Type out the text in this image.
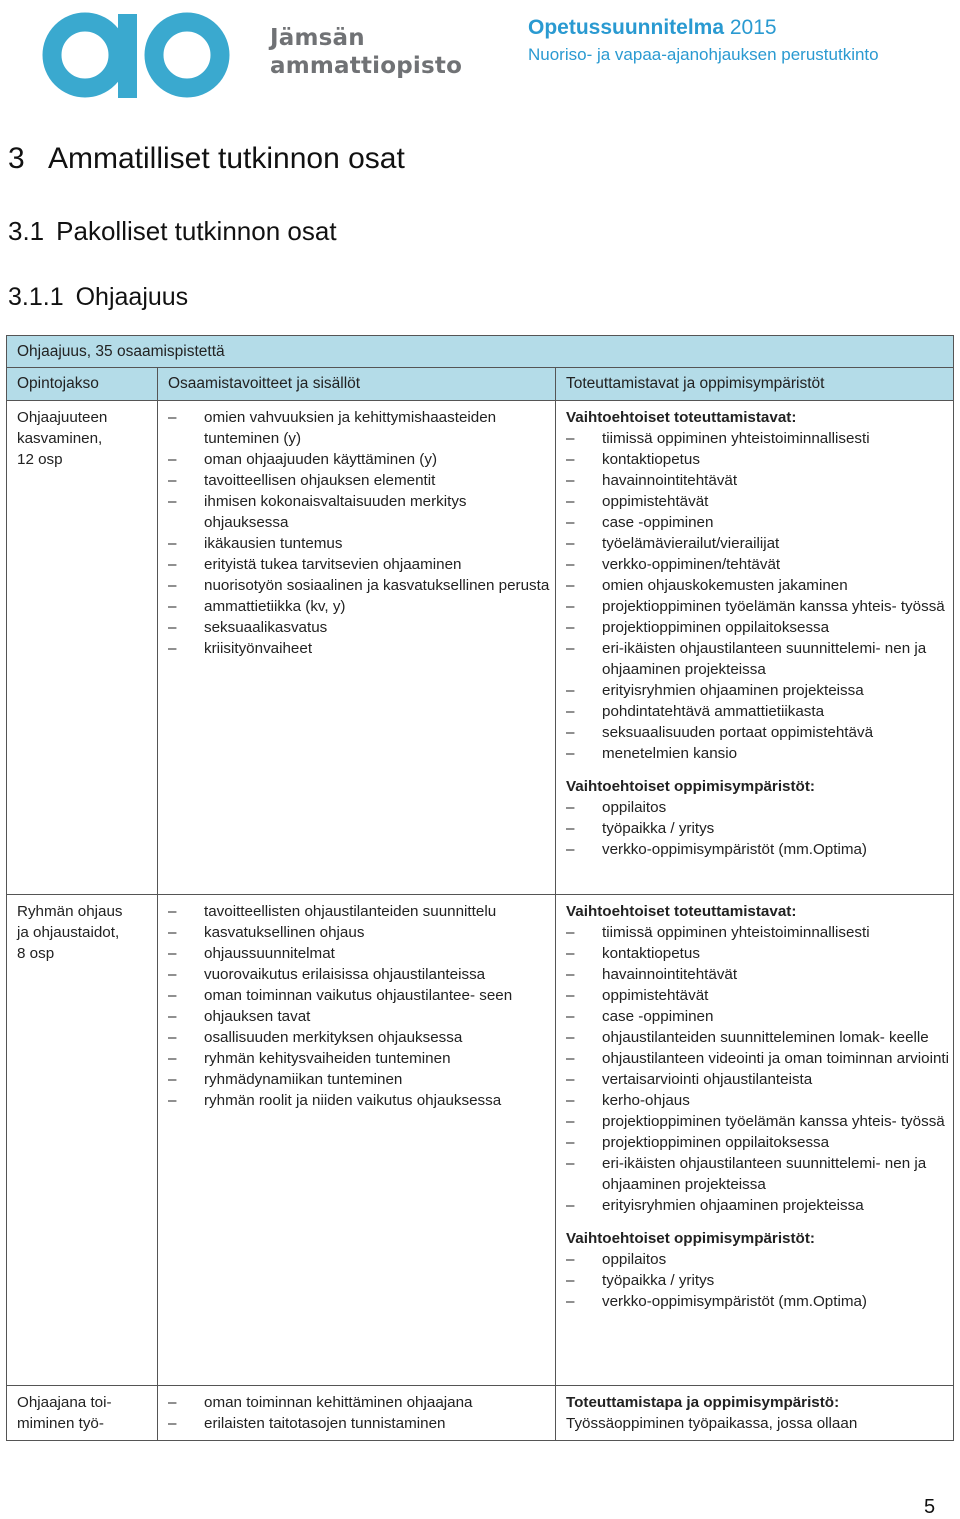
Jämsän
ammattiopisto
Opetussuunnitelma 2015
Nuoriso- ja vapaa-ajanohjauksen perustutkinto
3 Ammatilliset tutkinnon osat
3.1 Pakolliset tutkinnon osat
3.1.1 Ohjaajuus
Ohjaajuus, 35 osaamispistettä
Opintojakso	Osaamistavoitteet ja sisällöt	Toteuttamistavat ja oppimisympäristöt
Ohjaajuuteen
kasvaminen,
12 osp
– omien vahvuuksien ja kehittymishaasteiden tunteminen (y)
– oman ohjaajuuden käyttäminen (y)
– tavoitteellisen ohjauksen elementit
– ihmisen kokonaisvaltaisuuden merkitys ohjauksessa
– ikäkausien tuntemus
– erityistä tukea tarvitsevien ohjaaminen
– nuorisotyön sosiaalinen ja kasvatuksellinen perusta
– ammattietiikka (kv, y)
– seksuaalikasvatus
– kriisityönvaiheet
Vaihtoehtoiset toteuttamistavat:
– tiimissä oppiminen yhteistoiminnallisesti
– kontaktiopetus
– havainnointitehtävät
– oppimistehtävät
– case -oppiminen
– työelämävierailut/vierailijat
– verkko-oppiminen/tehtävät
– omien ohjauskokemusten jakaminen
– projektioppiminen työelämän kanssa yhteis- työssä
– projektioppiminen oppilaitoksessa
– eri-ikäisten ohjaustilanteen suunnittelemi- nen ja ohjaaminen projekteissa
– erityisryhmien ohjaaminen projekteissa
– pohdintatehtävä ammattietiikasta
– seksuaalisuuden portaat oppimistehtävä
– menetelmien kansio
Vaihtoehtoiset oppimisympäristöt:
– oppilaitos
– työpaikka / yritys
– verkko-oppimisympäristöt (mm.Optima)
Ryhmän ohjaus
ja ohjaustaidot,
8 osp
– tavoitteellisten ohjaustilanteiden suunnittelu
– kasvatuksellinen ohjaus
– ohjaussuunnitelmat
– vuorovaikutus erilaisissa ohjaustilanteissa
– oman toiminnan vaikutus ohjaustilantee- seen
– ohjauksen tavat
– osallisuuden merkityksen ohjauksessa
– ryhmän kehitysvaiheiden tunteminen
– ryhmädynamiikan tunteminen
– ryhmän roolit ja niiden vaikutus ohjauksessa
Vaihtoehtoiset toteuttamistavat:
– tiimissä oppiminen yhteistoiminnallisesti
– kontaktiopetus
– havainnointitehtävät
– oppimistehtävät
– case -oppiminen
– ohjaustilanteiden suunnitteleminen lomak- keelle
– ohjaustilanteen videointi ja oman toiminnan arviointi
– vertaisarviointi ohjaustilanteista
– kerho-ohjaus
– projektioppiminen työelämän kanssa yhteis- työssä
– projektioppiminen oppilaitoksessa
– eri-ikäisten ohjaustilanteen suunnittelemi- nen ja ohjaaminen projekteissa
– erityisryhmien ohjaaminen projekteissa
Vaihtoehtoiset oppimisympäristöt:
– oppilaitos
– työpaikka / yritys
– verkko-oppimisympäristöt (mm.Optima)
Ohjaajana toi-
miminen työ-
– oman toiminnan kehittäminen ohjaajana
– erilaisten taitotasojen tunnistaminen
Toteuttamistapa ja oppimisympäristö:
Työssäoppiminen työpaikassa, jossa ollaan
5
